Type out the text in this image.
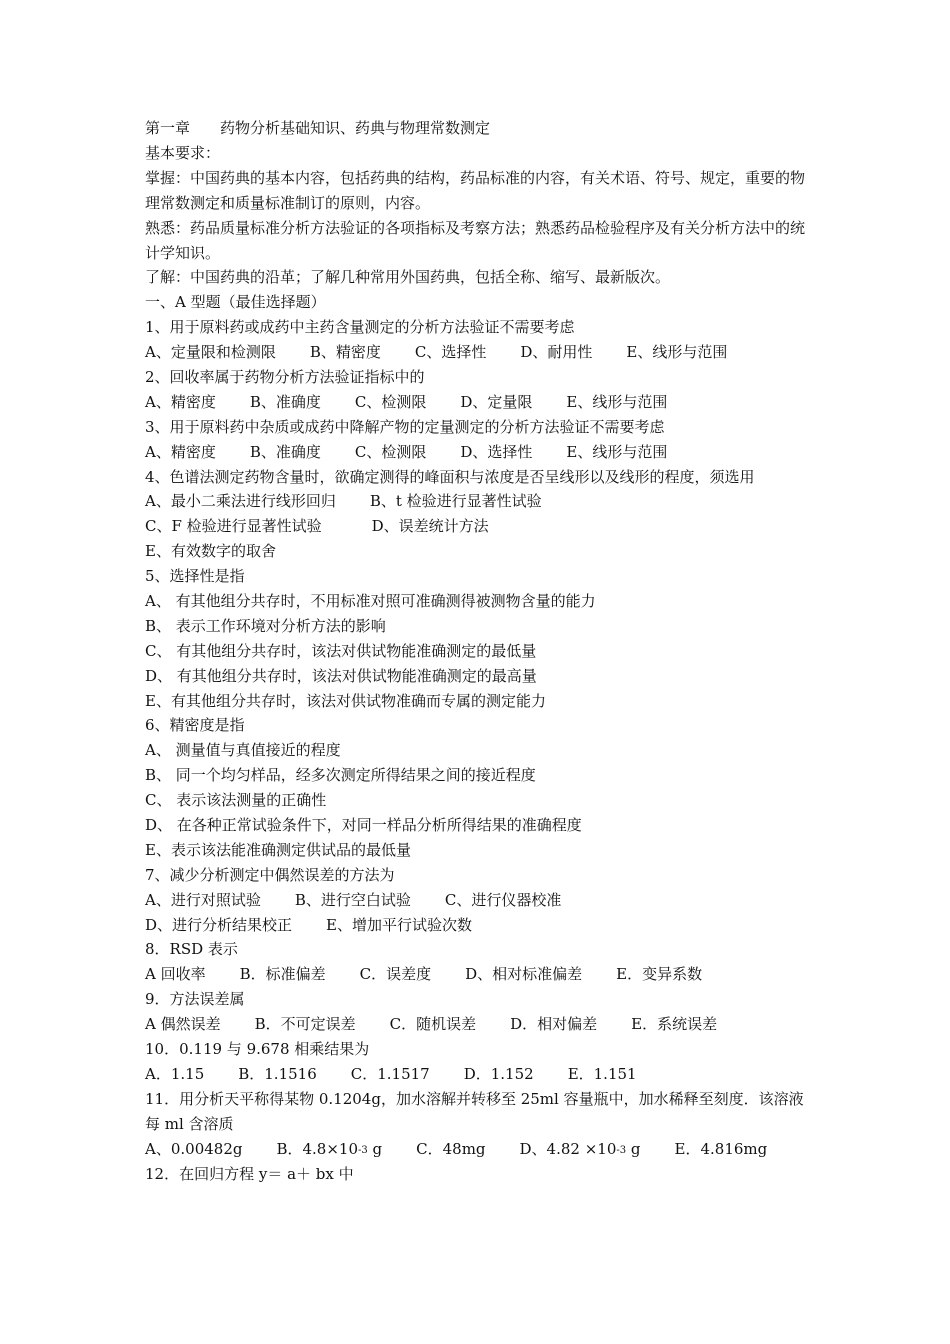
第一章　　药物分析基础知识、药典与物理常数测定
基本要求：
掌握：中国药典的基本内容，包括药典的结构，药品标准的内容，有关术语、符号、规定，重要的物理常数测定和质量标准制订的原则，内容。
熟悉：药品质量标准分析方法验证的各项指标及考察方法；熟悉药品检验程序及有关分析方法中的统计学知识。
了解：中国药典的沿革；了解几种常用外国药典，包括全称、缩写、最新版次。
一、A 型题（最佳选择题）
1、用于原料药或成药中主药含量测定的分析方法验证不需要考虑
A、定量限和检测限 B、精密度 C、选择性 D、耐用性 E、线形与范围
2、回收率属于药物分析方法验证指标中的
A、精密度 B、准确度 C、检测限 D、定量限 E、线形与范围
3、用于原料药中杂质或成药中降解产物的定量测定的分析方法验证不需要考虑
A、精密度 B、准确度 C、检测限 D、选择性 E、线形与范围
4、色谱法测定药物含量时，欲确定测得的峰面积与浓度是否呈线形以及线形的程度，须选用
A、最小二乘法进行线形回归 B、t 检验进行显著性试验
C、F 检验进行显著性试验	D、误差统计方法
E、有效数字的取舍
5、选择性是指
A、 有其他组分共存时，不用标准对照可准确测得被测物含量的能力
B、 表示工作环境对分析方法的影响
C、 有其他组分共存时，该法对供试物能准确测定的最低量
D、 有其他组分共存时，该法对供试物能准确测定的最高量
E、有其他组分共存时，该法对供试物准确而专属的测定能力
6、精密度是指
A、 测量值与真值接近的程度
B、 同一个均匀样品，经多次测定所得结果之间的接近程度
C、 表示该法测量的正确性
D、 在各种正常试验条件下，对同一样品分析所得结果的准确程度
E、表示该法能准确测定供试品的最低量
7、减少分析测定中偶然误差的方法为
A、进行对照试验 B、进行空白试验 C、进行仪器校准
D、进行分析结果校正 E、增加平行试验次数
8．RSD 表示
A 回收率 B．标准偏差 C．误差度 D、相对标准偏差 E．变异系数
9．方法误差属
A 偶然误差 B．不可定误差 C．随机误差 D．相对偏差 E．系统误差
10．0.119 与 9.678 相乘结果为
A．1.15 B．1.1516 C．1.1517 D．1.152 E．1.151
11．用分析天平称得某物 0.1204g，加水溶解并转移至 25ml 容量瓶中，加水稀释至刻度．该溶液每 ml 含溶质
A、0.00482g B．4.8×10-3 g C．48mg D、4.82 ×10-3 g E．4.816mg
12．在回归方程 y＝ a＋ bx 中
